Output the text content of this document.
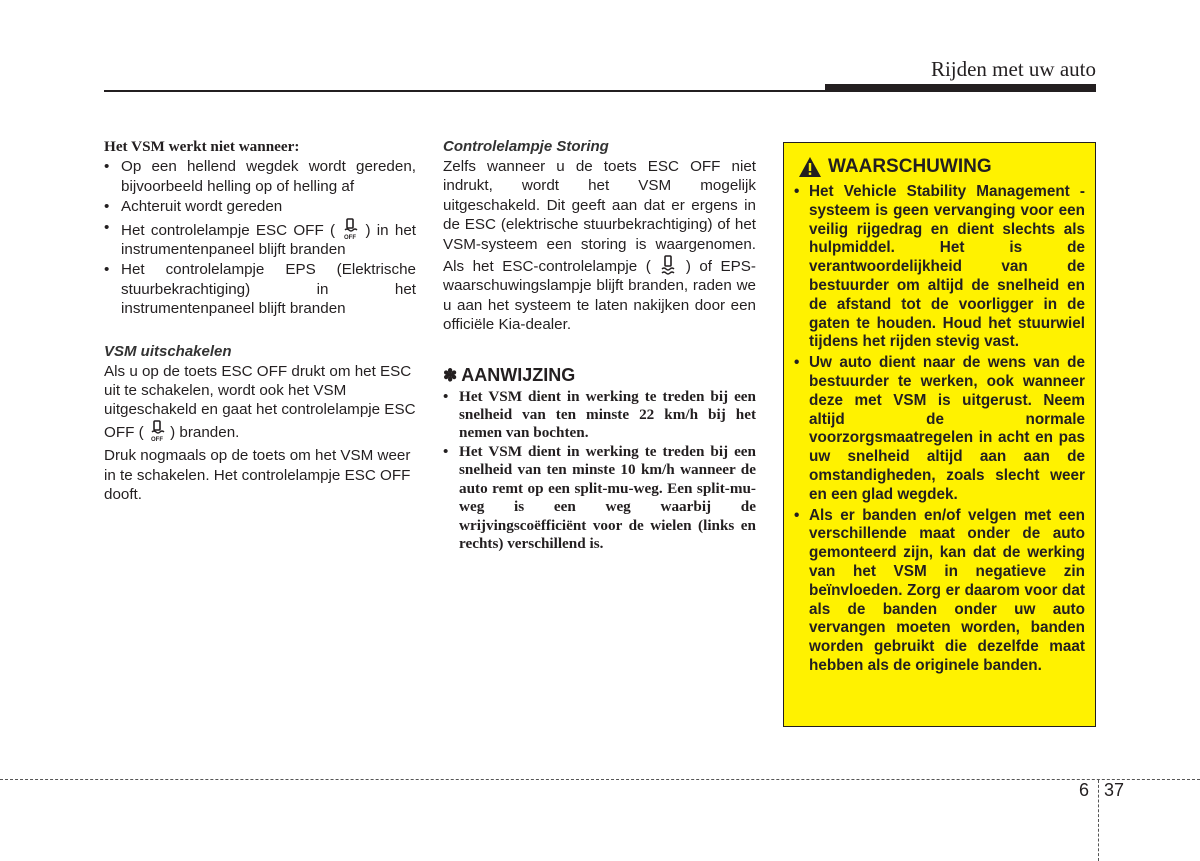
Rijden met uw auto
Het VSM werkt niet wanneer:
• Op een hellend wegdek wordt gereden, bijvoorbeeld helling op of helling af
• Achteruit wordt gereden
• Het controlelampje ESC OFF ( OFF ) in het instrumentenpaneel blijft branden
• Het controlelampje EPS (Elektrische stuurbekrachtiging) in het instrumentenpaneel blijft branden
VSM uitschakelen
Als u op de toets ESC OFF drukt om het ESC uit te schakelen, wordt ook het VSM uitgeschakeld en gaat het controlelampje ESC OFF ( OFF ) branden.
Druk nogmaals op de toets om het VSM weer in te schakelen. Het controlelampje ESC OFF dooft.
Controlelampje Storing
Zelfs wanneer u de toets ESC OFF niet indrukt, wordt het VSM mogelijk uitgeschakeld. Dit geeft aan dat er ergens in de ESC (elektrische stuurbekrachtiging) of het VSM-systeem een storing is waargenomen. Als het ESC-controlelampje ( ) of EPS-waarschuwingslampje blijft branden, raden we u aan het systeem te laten nakijken door een officiële Kia-dealer.
✽ AANWIJZING
• Het VSM dient in werking te treden bij een snelheid van ten minste 22 km/h bij het nemen van bochten.
• Het VSM dient in werking te treden bij een snelheid van ten minste 10 km/h wanneer de auto remt op een split-mu-weg. Een split-mu-weg is een weg waarbij de wrijvingscoëfficiënt voor de wielen (links en rechts) verschillend is.
WAARSCHUWING
• Het Vehicle Stability Management -systeem is geen vervanging voor een veilig rijgedrag en dient slechts als hulpmiddel. Het is de verantwoordelijkheid van de bestuurder om altijd de snelheid en de afstand tot de voorligger in de gaten te houden. Houd het stuurwiel tijdens het rijden stevig vast.
• Uw auto dient naar de wens van de bestuurder te werken, ook wanneer deze met VSM is uitgerust. Neem altijd de normale voorzorgsmaatregelen in acht en pas uw snelheid altijd aan aan de omstandigheden, zoals slecht weer en een glad wegdek.
• Als er banden en/of velgen met een verschillende maat onder de auto gemonteerd zijn, kan dat de werking van het VSM in negatieve zin beïnvloeden. Zorg er daarom voor dat als de banden onder uw auto vervangen moeten worden, banden worden gebruikt die dezelfde maat hebben als de originele banden.
6 37
